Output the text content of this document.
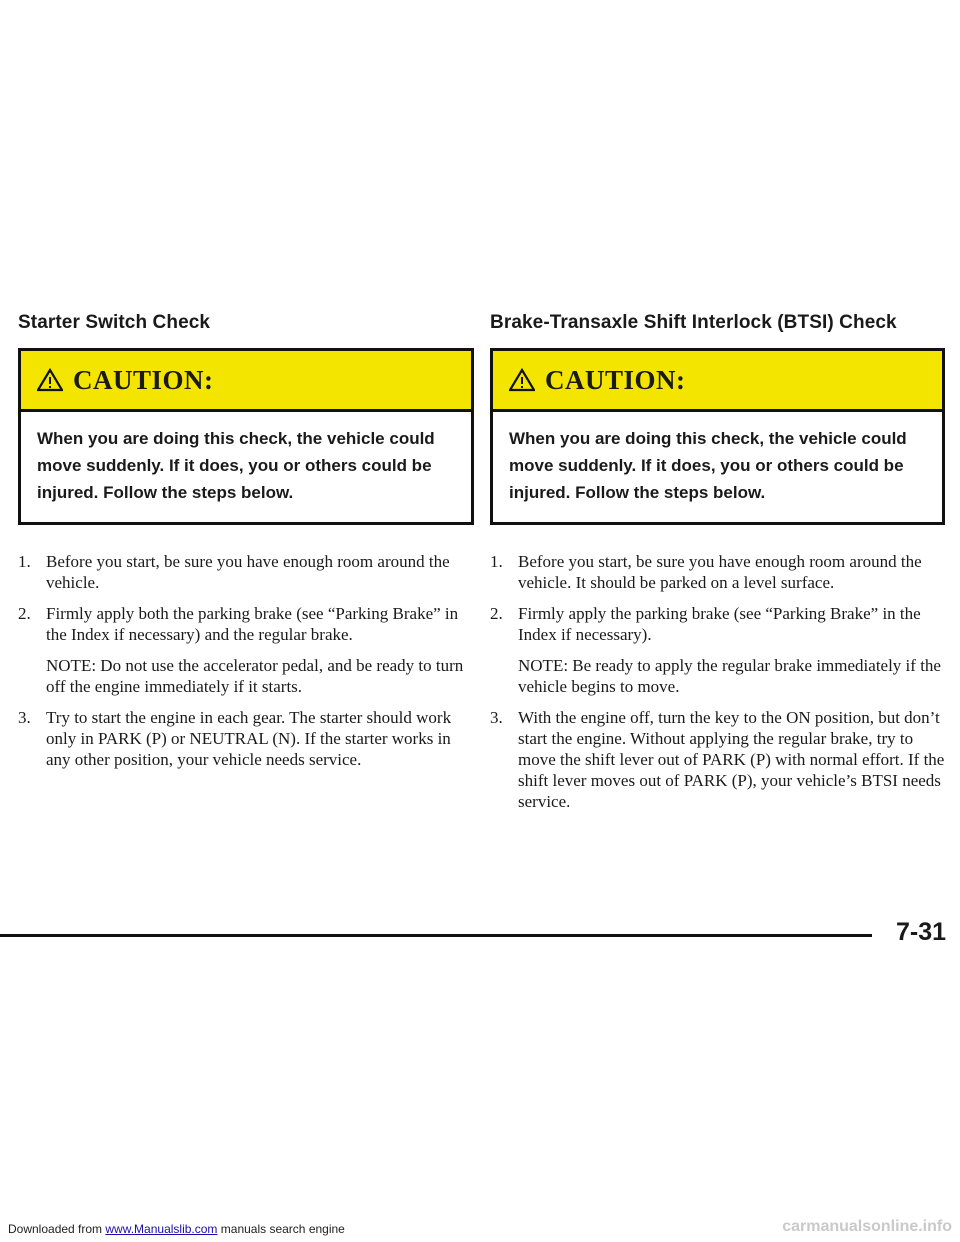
Starter Switch Check
CAUTION:
When you are doing this check, the vehicle could move suddenly. If it does, you or others could be injured. Follow the steps below.
1. Before you start, be sure you have enough room around the vehicle.
2. Firmly apply both the parking brake (see “Parking Brake” in the Index if necessary) and the regular brake.
NOTE: Do not use the accelerator pedal, and be ready to turn off the engine immediately if it starts.
3. Try to start the engine in each gear. The starter should work only in PARK (P) or NEUTRAL (N). If the starter works in any other position, your vehicle needs service.
Brake-Transaxle Shift Interlock (BTSI) Check
CAUTION:
When you are doing this check, the vehicle could move suddenly. If it does, you or others could be injured. Follow the steps below.
1. Before you start, be sure you have enough room around the vehicle. It should be parked on a level surface.
2. Firmly apply the parking brake (see “Parking Brake” in the Index if necessary).
NOTE: Be ready to apply the regular brake immediately if the vehicle begins to move.
3. With the engine off, turn the key to the ON position, but don’t start the engine. Without applying the regular brake, try to move the shift lever out of PARK (P) with normal effort. If the shift lever moves out of PARK (P), your vehicle’s BTSI needs service.
7-31
Downloaded from www.Manualslib.com manuals search engine	carmanualsonline.info
